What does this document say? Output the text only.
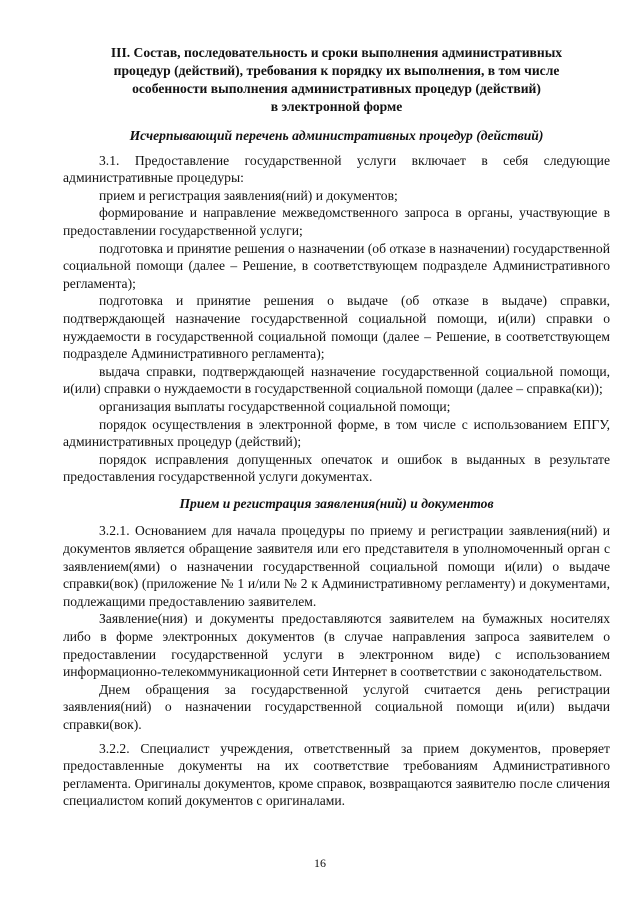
III. Состав, последовательность и сроки выполнения административных
процедур (действий), требования к порядку их выполнения, в том числе
особенности выполнения административных процедур (действий)
в электронной форме
Исчерпывающий перечень административных процедур (действий)

3.1. Предоставление государственной услуги включает в себя следующие административные процедуры:

прием и регистрация заявления(ний) и документов;

формирование и направление межведомственного запроса в органы, участвующие в предоставлении государственной услуги;

подготовка и принятие решения о назначении (об отказе в назначении) государственной социальной помощи (далее – Решение, в соответствующем подразделе Административного регламента);

подготовка и принятие решения о выдаче (об отказе в выдаче) справки, подтверждающей назначение государственной социальной помощи, и(или) справки о нуждаемости в государственной социальной помощи (далее – Решение, в соответствующем подразделе Административного регламента);

выдача справки, подтверждающей назначение государственной социальной помощи, и(или) справки о нуждаемости в государственной социальной помощи (далее – справка(ки));

организация выплаты государственной социальной помощи;

порядок осуществления в электронной форме, в том числе с использованием ЕПГУ, административных процедур (действий);

порядок исправления допущенных опечаток и ошибок в выданных в результате предоставления государственной услуги документах.

Прием и регистрация заявления(ний) и документов

3.2.1. Основанием для начала процедуры по приему и регистрации заявления(ний) и документов является обращение заявителя или его представителя в уполномоченный орган с заявлением(ями) о назначении государственной социальной помощи и(или) о выдаче справки(вок) (приложение № 1 и/или № 2 к Административному регламенту) и документами, подлежащими предоставлению заявителем.

Заявление(ния) и документы предоставляются заявителем на бумажных носителях либо в форме электронных документов (в случае направления запроса заявителем о предоставлении государственной услуги в электронном виде) с использованием информационно-телекоммуникационной сети Интернет в соответствии с законодательством.

Днем обращения за государственной услугой считается день регистрации заявления(ний) о назначении государственной социальной помощи и(или) выдачи справки(вок).

3.2.2. Специалист учреждения, ответственный за прием документов, проверяет предоставленные документы на их соответствие требованиям Административного регламента. Оригиналы документов, кроме справок, возвращаются заявителю после сличения специалистом копий документов с оригиналами.

16
